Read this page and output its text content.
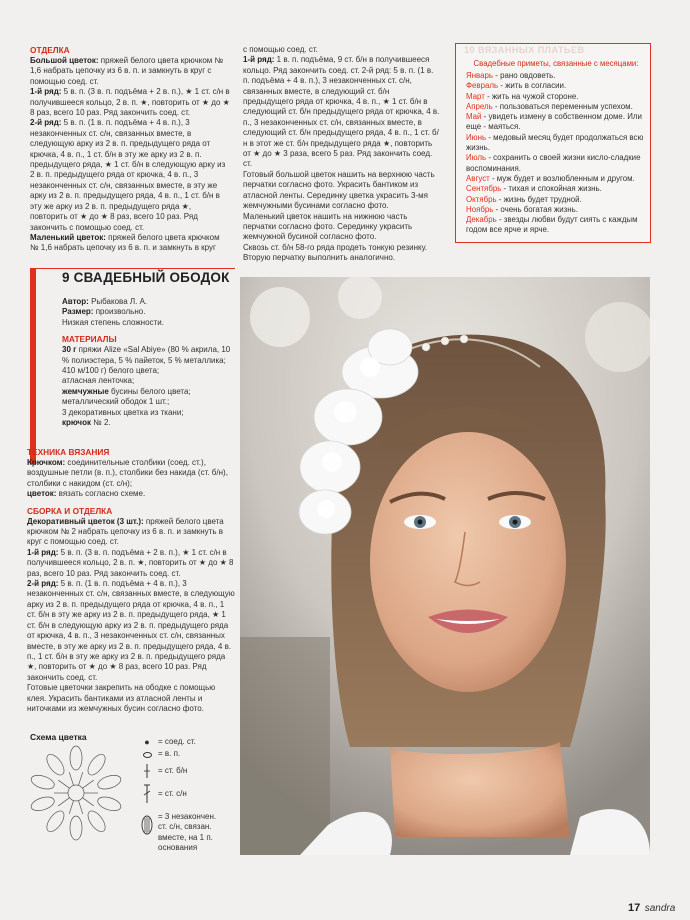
ОТДЕЛКА
Большой цветок: пряжей белого цвета крючком № 1,6 набрать цепочку из 6 в. п. и замкнуть в круг с помощью соед. ст.
1-й ряд: 5 в. п. (3 в. п. подъёма + 2 в. п.), ★ 1 ст. с/н в получившееся кольцо, 2 в. п. ★, повторить от ★ до ★ 8 раз, всего 10 раз. Ряд закончить соед. ст.
2-й ряд: 5 в. п. (1 в. п. подъёма + 4 в. п.), 3 незаконченных ст. с/н, связанных вместе, в следующую арку из 2 в. п. предыдущего ряда от крючка, 4 в. п., 1 ст. б/н в эту же арку из 2 в. п. предыдущего ряда, ★ 1 ст. б/н в следующую арку из 2 в. п. предыдущего ряда от крючка, 4 в. п., 3 незаконченных ст. с/н, связанных вместе, в эту же арку из 2 в. п. предыдущего ряда, 4 в. п., 1 ст. б/н в эту же арку из 2 в. п. предыдущего ряда ★, повторить от ★ до ★ 8 раз, всего 10 раз. Ряд закончить с помощью соед. ст.
Маленький цветок: пряжей белого цвета крючком № 1,6 набрать цепочку из 6 в. п. и замкнуть в круг
с помощью соед. ст.
1-й ряд: 1 в. п. подъёма, 9 ст. б/н в получившееся кольцо. Ряд закончить соед. ст. 2-й ряд: 5 в. п. (1 в. п. подъёма + 4 в. п.), 3 незаконченных ст. с/н, связанных вместе, в следующий ст. б/н предыдущего ряда от крючка, 4 в. п., ★ 1 ст. б/н в следующий ст. б/н предыдущего ряда от крючка, 4 в. п., 3 незаконченных ст. с/н, связанных вместе, в следующий ст. б/н предыдущего ряда, 4 в. п., 1 ст. б/н в этот же ст. б/н предыдущего ряда ★, повторить от ★ до ★ 3 раза, всего 5 раз. Ряд закончить соед. ст.
Готовый большой цветок нашить на верхнюю часть перчатки согласно фото. Украсить бантиком из атласной ленты. Серединку цветка украсить 3-мя жемчужными бусинами согласно фото.
Маленький цветок нашить на нижнюю часть перчатки согласно фото. Серединку украсить жемчужной бусиной согласно фото.
Сквозь ст. б/н 58-го ряда продеть тонкую резинку. Вторую перчатку выполнить аналогично.
10 ВЯЗАННЫХ ПЛАТЬЕВ
Свадебные приметы, связанные с месяцами:
Январь - рано овдоветь.
Февраль - жить в согласии.
Март - жить на чужой стороне.
Апрель - пользоваться переменным успехом.
Май - увидеть измену в собственном доме. Или еще - маяться.
Июнь - медовый месяц будет продолжаться всю жизнь.
Июль - сохранить о своей жизни кисло-сладкие воспоминания.
Август - муж будет и возлюбленным и другом.
Сентябрь - тихая и спокойная жизнь.
Октябрь - жизнь будет трудной.
Ноябрь - очень богатая жизнь.
Декабрь - звезды любви будут сиять с каждым годом все ярче и ярче.
9 СВАДЕБНЫЙ ОБОДОК
Автор: Рыбакова Л. А.
Размер: произвольно.
Низкая степень сложности.
МАТЕРИАЛЫ
30 г пряжи Alize «Sal Abiye» (80 % акрила, 10 % полиэстера, 5 % пайеток, 5 % металлика; 410 м/100 г) белого цвета;
атласная ленточка;
жемчужные бусины белого цвета;
металлический ободок 1 шт.;
3 декоративных цветка из ткани;
крючок № 2.
ТЕХНИКА ВЯЗАНИЯ
Крючком: соединительные столбики (соед. ст.), воздушные петли (в. п.), столбики без накида (ст. б/н), столбики с накидом (ст. с/н);
цветок: вязать согласно схеме.
СБОРКА И ОТДЕЛКА
Декоративный цветок (3 шт.): пряжей белого цвета крючком № 2 набрать цепочку из 6 в. п. и замкнуть в круг с помощью соед. ст.
1-й ряд: 5 в. п. (3 в. п. подъёма + 2 в. п.), ★ 1 ст. с/н в получившееся кольцо, 2 в. п. ★, повторить от ★ до ★ 8 раз, всего 10 раз. Ряд закончить соед. ст.
2-й ряд: 5 в. п. (1 в. п. подъёма + 4 в. п.), 3 незаконченных ст. с/н, связанных вместе, в следующую арку из 2 в. п. предыдущего ряда от крючка, 4 в. п., 1 ст. б/н в эту же арку из 2 в. п. предыдущего ряда, ★ 1 ст. б/н в следующую арку из 2 в. п. предыдущего ряда от крючка, 4 в. п., 3 незаконченных ст. с/н, связанных вместе, в эту же арку из 2 в. п. предыдущего ряда, 4 в. п., 1 ст. б/н в эту же арку из 2 в. п. предыдущего ряда ★, повторить от ★ до ★ 8 раз, всего 10 раз. Ряд закончить соед. ст.
Готовые цветочки закрепить на ободке с помощью клея. Украсить бантиками из атласной ленты и ниточками из жемчужных бусин согласно фото.
Схема цветка	●	= соед. ст.
= в. п.
= ст. б/н
= ст. с/н
= 3 незакончен. ст. с/н, связан. вместе, на 1 п. основания
17 sandra
